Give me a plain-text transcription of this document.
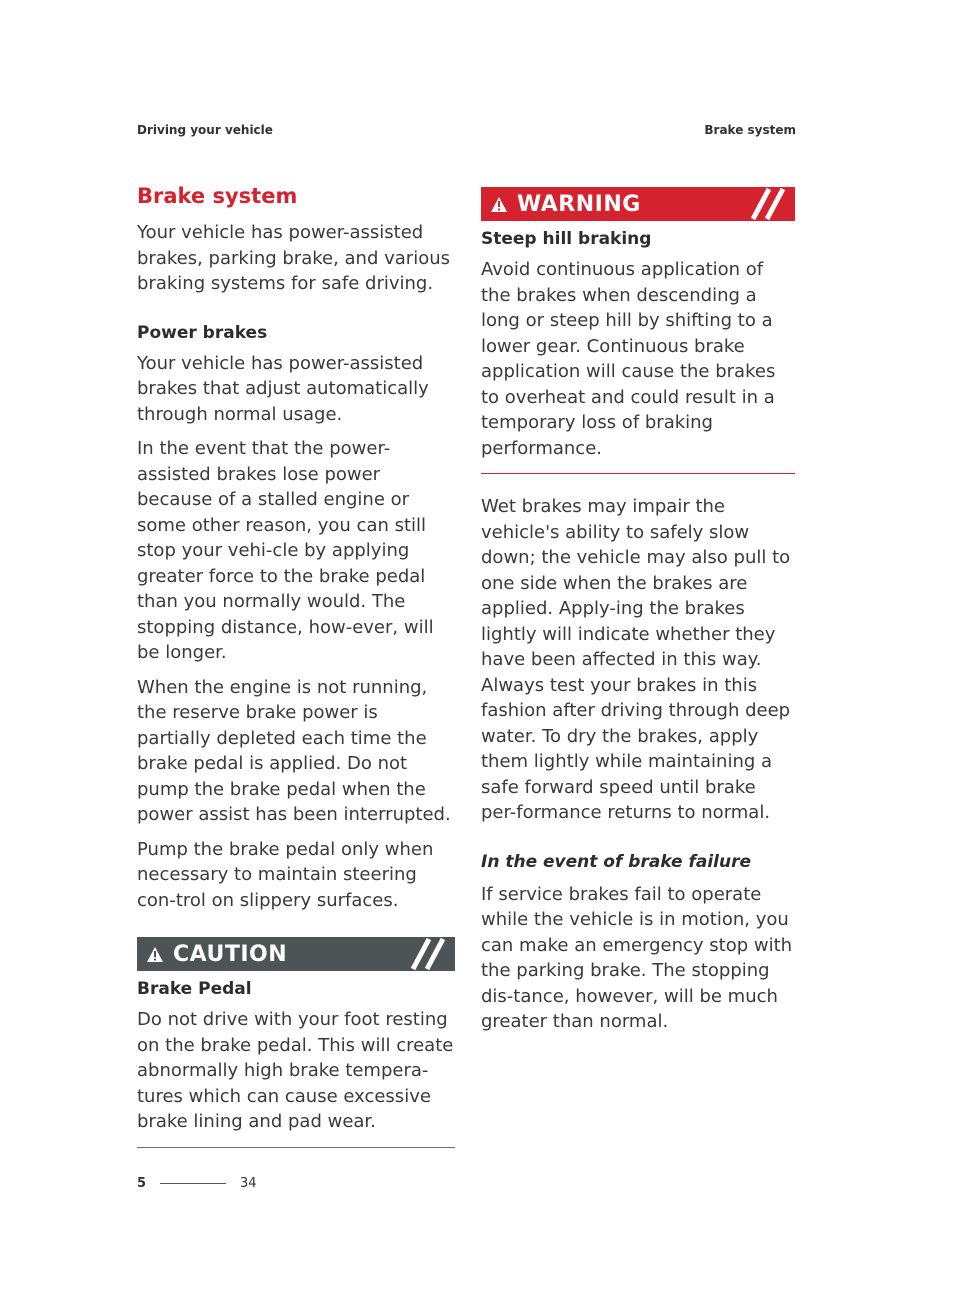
Driving your vehicle	Brake system
Brake system

Your vehicle has power-assisted brakes, parking brake, and various braking systems for safe driving.

Power brakes

Your vehicle has power-assisted brakes that adjust automatically through normal usage.

In the event that the power-assisted brakes lose power because of a stalled engine or some other reason, you can still stop your vehi-cle by applying greater force to the brake pedal than you normally would. The stopping distance, how-ever, will be longer.

When the engine is not running, the reserve brake power is partially depleted each time the brake pedal is applied. Do not pump the brake pedal when the power assist has been interrupted.

Pump the brake pedal only when necessary to maintain steering con-trol on slippery surfaces.

CAUTION
Brake Pedal

Do not drive with your foot resting on the brake pedal. This will create abnormally high brake tempera-tures which can cause excessive brake lining and pad wear.

WARNING
Steep hill braking

Avoid continuous application of the brakes when descending a long or steep hill by shifting to a lower gear. Continuous brake application will cause the brakes to overheat and could result in a temporary loss of braking performance.

Wet brakes may impair the vehicle's ability to safely slow down; the vehicle may also pull to one side when the brakes are applied. Apply-ing the brakes lightly will indicate whether they have been affected in this way. Always test your brakes in this fashion after driving through deep water. To dry the brakes, apply them lightly while maintaining a safe forward speed until brake per-formance returns to normal.

In the event of brake failure

If service brakes fail to operate while the vehicle is in motion, you can make an emergency stop with the parking brake. The stopping dis-tance, however, will be much greater than normal.

5	34
